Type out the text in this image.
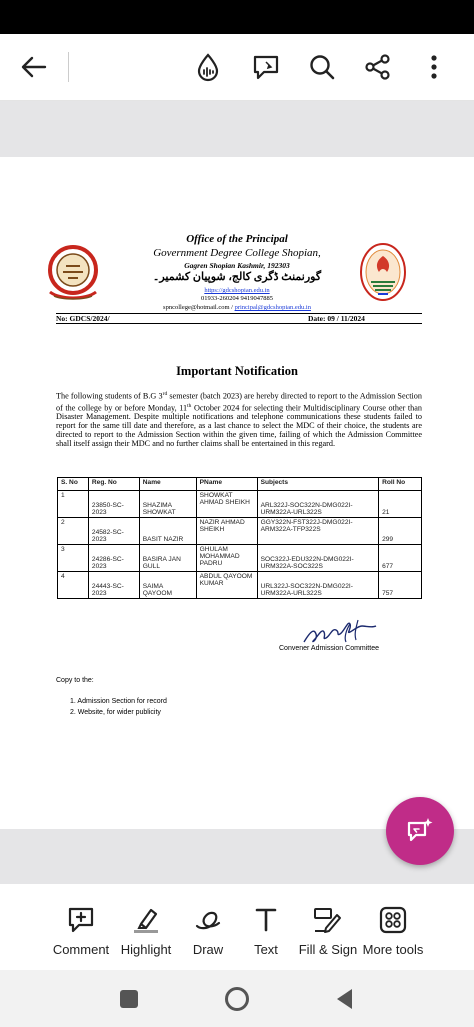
Office of the Principal
Government Degree College Shopian,
Gagren Shopian Kashmir, 192303
گورنمنٹ ڈگری کالج، شوپیان کشمیر۔
https://gdcshopian.edu.in
01933-260204 9419047885
spncollege@hotmail.com / principal@gdcshopian.edu.in
No: GDCS/2024/	Date: 09 / 11/2024
Important Notification
The following students of B.G 3rd semester (batch 2023) are hereby directed to report to the Admission Section of the college by or before Monday, 11th October 2024 for selecting their Multidisciplinary Course other than Disaster Management. Despite multiple notifications and telephone communications these students failed to report for the same till date and therefore, as a last chance to select the MDC of their choice, the students are directed to report to the Admission Section within the given time, failing of which the Admission Committee shall itself assign their MDC and no further claims shall be entertained in this regard.
S. No	Reg. No	Name	PName	Subjects	Roll No
1	23850-SC-2023	SHAZIMA SHOWKAT	SHOWKAT AHMAD SHEIKH	ARL322J-SOC322N-DMG022I-URM322A-URL322S	21
2	24582-SC-2023	BASIT NAZIR	NAZIR AHMAD SHEIKH	GGY322N-FST322J-DMG022I-ARM322A-TFP322S	299
3	24286-SC-2023	BASIRA JAN GULL	GHULAM MOHAMMAD PADRU	SOC322J-EDU322N-DMG022I-URM322A-SOC322S	677
4	24443-SC-2023	SAIMA QAYOOM	ABDUL QAYOOM KUMAR	URL322J-SOC322N-DMG022I-URM322A-URL322S	757
Convener Admission Committee
Copy to the:
1. Admission Section for record
2. Website, for wider publicity
Comment Highlight	Draw	Text	Fill & Sign More tools
